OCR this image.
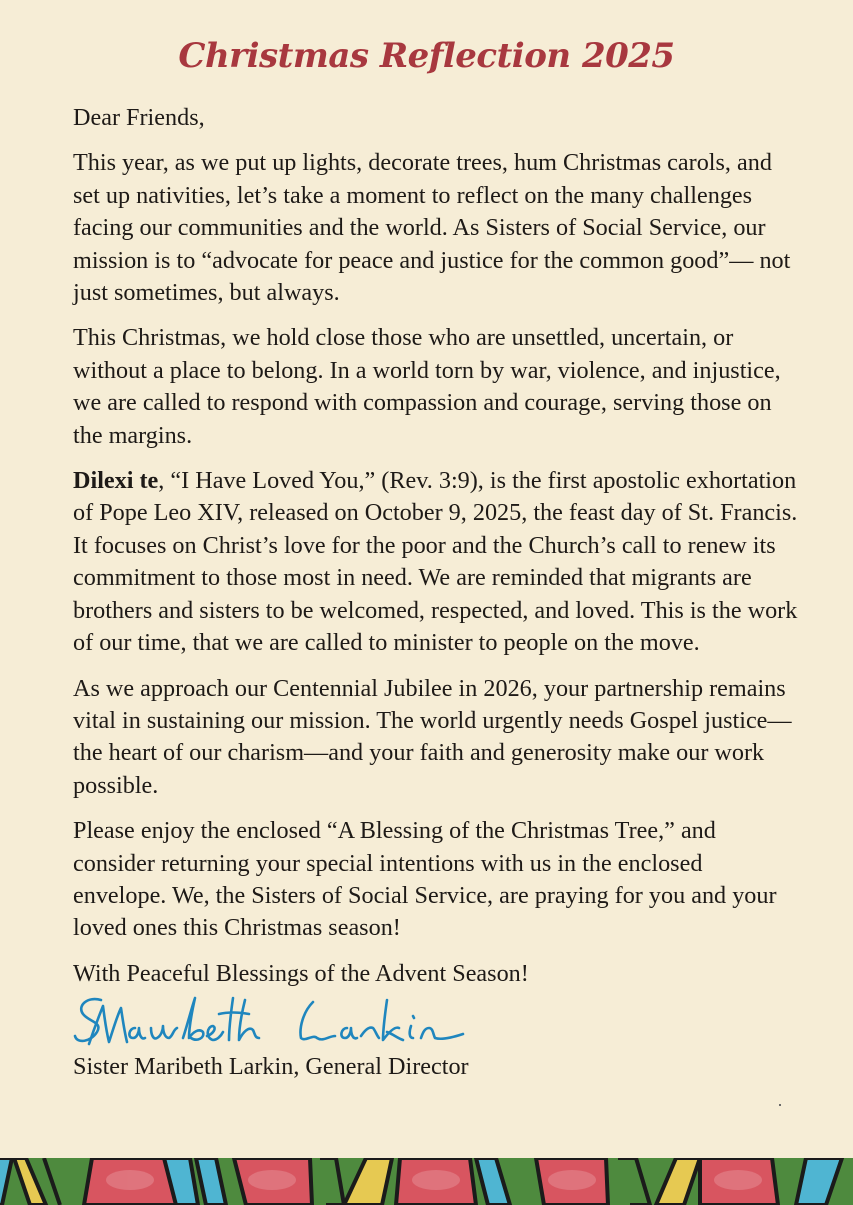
Christmas Reflection 2025

Dear Friends,

This year, as we put up lights, decorate trees, hum Christmas carols, and set up nativities, let’s take a moment to reflect on the many challenges facing our communities and the world. As Sisters of Social Service, our mission is to “advocate for peace and justice for the common good”— not just sometimes, but always.

This Christmas, we hold close those who are unsettled, uncertain, or without a place to belong. In a world torn by war, violence, and injustice, we are called to respond with compassion and courage, serving those on the margins.

Dilexi te, “I Have Loved You,” (Rev. 3:9), is the first apostolic exhortation of Pope Leo XIV, released on October 9, 2025, the feast day of St. Francis. It focuses on Christ’s love for the poor and the Church’s call to renew its commitment to those most in need. We are reminded that migrants are brothers and sisters to be welcomed, respected, and loved. This is the work of our time, that we are called to minister to people on the move.

As we approach our Centennial Jubilee in 2026, your partnership remains vital in sustaining our mission. The world urgently needs Gospel justice—the heart of our charism—and your faith and generosity make our work possible.

Please enjoy the enclosed “A Blessing of the Christmas Tree,” and consider returning your special intentions with us in the enclosed envelope. We, the Sisters of Social Service, are praying for you and your loved ones this Christmas season!

With Peaceful Blessings of the Advent Season!

Sister Maribeth Larkin, General Director
